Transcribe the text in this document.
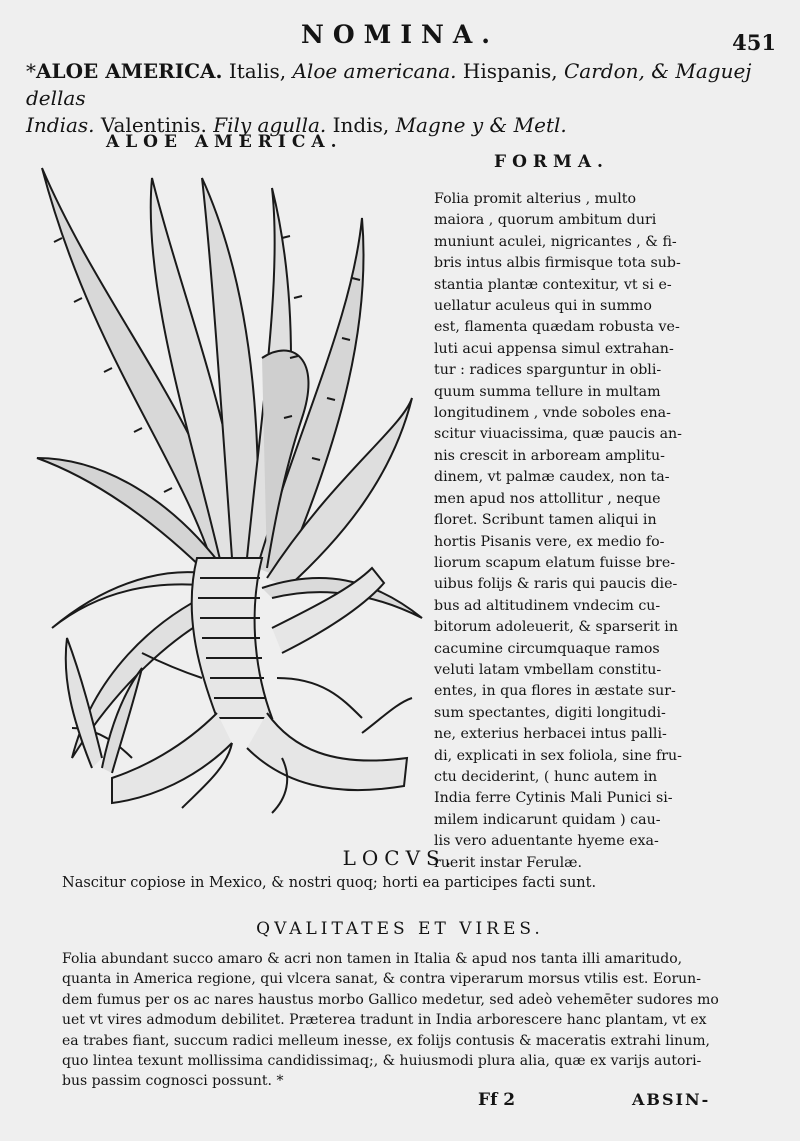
NOMINA.	451
*ALOE AMERICA. Italis, Aloe americana. Hispanis, Cardon, & Maguej dellas
Indias. Valentinis. Fily agulla. Indis, Magne y & Metl.
ALOE AMERICA.
FORMA.
Folia promit alterius , multo
maiora , quorum ambitum duri
muniunt aculei, nigricantes , & fi-
bris intus albis firmisque tota sub-
stantia plantæ contexitur, vt si e-
uellatur aculeus qui in summo
est, flamenta quædam robusta ve-
luti acui appensa simul extrahan-
tur : radices sparguntur in obli-
quum summa tellure in multam
longitudinem , vnde soboles ena-
scitur viuacissima, quæ paucis an-
nis crescit in arboream amplitu-
dinem, vt palmæ caudex, non ta-
men apud nos attollitur , neque
floret. Scribunt tamen aliqui in
hortis Pisanis vere, ex medio fo-
liorum scapum elatum fuisse bre-
uibus folijs & raris qui paucis die-
bus ad altitudinem vndecim cu-
bitorum adoleuerit, & sparserit in
cacumine circumquaque ramos
veluti latam vmbellam constitu-
entes, in qua flores in æstate sur-
sum spectantes, digiti longitudi-
ne, exterius herbacei intus palli-
di, explicati in sex foliola, sine fru-
ctu deciderint, ( hunc autem in
India ferre Cytinis Mali Punici si-
milem indicarunt quidam ) cau-
lis vero aduentante hyeme exa-
ruerit instar Ferulæ.
LOCVS.
Nascitur copiose in Mexico, & nostri quoq; horti ea participes facti sunt.
QVALITATES ET VIRES.
Folia abundant succo amaro & acri non tamen in Italia & apud nos tanta illi amaritudo,
quanta in America regione, qui vlcera sanat, & contra viperarum morsus vtilis est. Eorun-
dem fumus per os ac nares haustus morbo Gallico medetur, sed adeò vehemēter sudores mo
uet vt vires admodum debilitet. Præterea tradunt in India arborescere hanc plantam, vt ex
ea trabes fiant, succum radici melleum inesse, ex folijs contusis & maceratis extrahi linum,
quo lintea texunt mollissima candidissimaq;, & huiusmodi plura alia, quæ ex varijs autori-
bus passim cognosci possunt. *
Ff 2	ABSIN-
